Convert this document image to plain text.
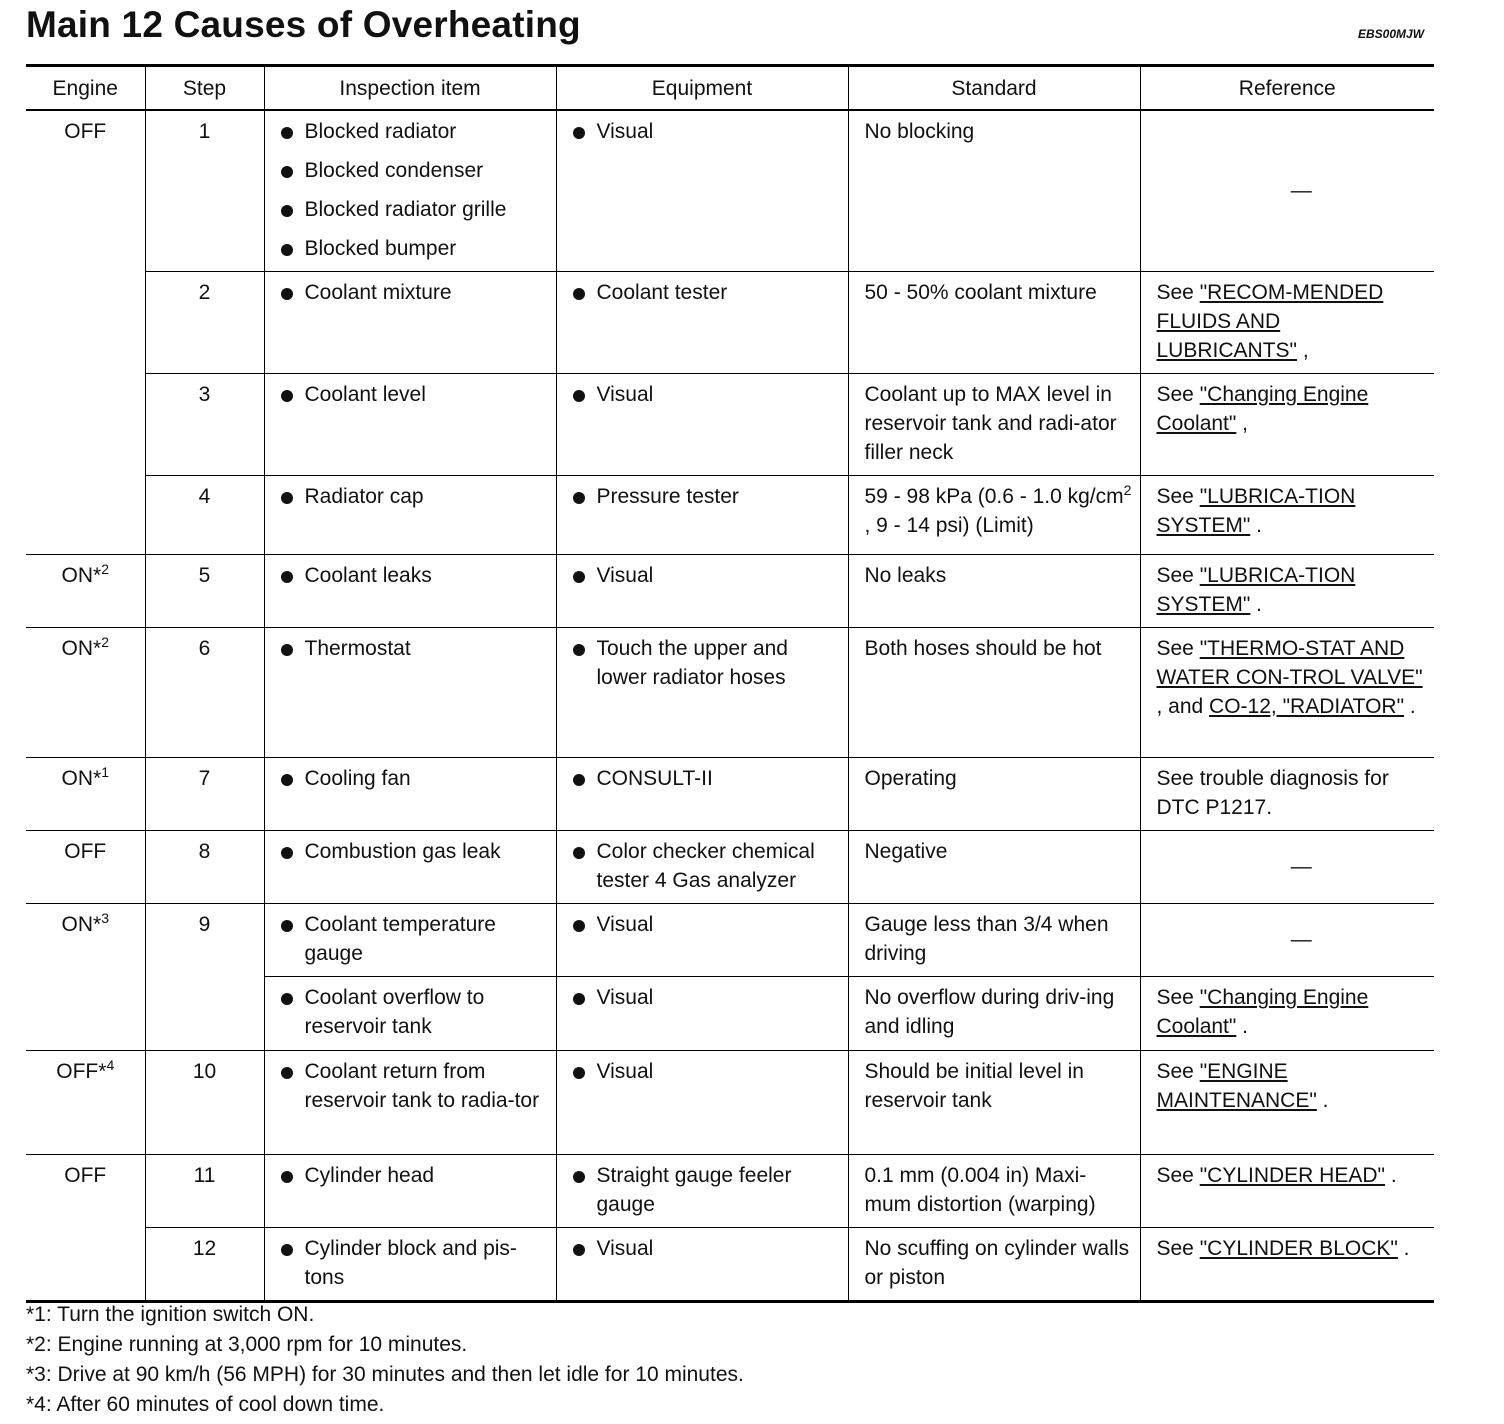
Main 12 Causes of Overheating	EBS00MJW
Engine	Step	Inspection item	Equipment	Standard	Reference
OFF	1	Blocked radiator
Blocked condenser
Blocked radiator grille
Blocked bumper	Visual	No blocking	—

	2	Coolant mixture	Coolant tester	50 - 50% coolant mixture	See "RECOM-MENDED FLUIDS AND LUBRICANTS" ,
	3	Coolant level	Visual	Coolant up to MAX level in reservoir tank and radi-ator filler neck	See "Changing Engine Coolant" ,
	4	Radiator cap	Pressure tester	59 - 98 kPa (0.6 - 1.0 $kg/cm^2$ , 9 - 14 psi) (Limit)	See "LUBRICA-TION SYSTEM" .
ON*$^2$	5	Coolant leaks	Visual	No leaks	See "LUBRICA-TION SYSTEM" .
ON*$^2$	6	Thermostat	Touch the upper and lower radiator hoses	Both hoses should be hot	See "THERMO-STAT AND WATER CON-TROL VALVE" , and CO-12, "RADIATOR" .
ON*$^1$	7	Cooling fan	CONSULT-II	Operating	See trouble diagnosis for DTC P1217.
OFF	8	Combustion gas leak	Color checker chemical tester 4 Gas analyzer	Negative	—

ON*$^3$	9	Coolant temperature gauge	Visual	Gauge less than 3/4 when driving	—

		Coolant overflow to reservoir tank	Visual	No overflow during driv-ing and idling	See "Changing Engine Coolant" .
OFF*$^4$	10	Coolant return from reservoir tank to radia-tor	Visual	Should be initial level in reservoir tank	See "ENGINE MAINTENANCE" .
OFF	11	Cylinder head	Straight gauge feeler gauge	0.1 mm (0.004 in) Maxi-mum distortion (warping)	See "CYLINDER HEAD" .
	12	Cylinder block and pis-tons	Visual	No scuffing on cylinder walls or piston	See "CYLINDER BLOCK" .
*1: Turn the ignition switch ON.
*2: Engine running at 3,000 rpm for 10 minutes.
*3: Drive at 90 km/h (56 MPH) for 30 minutes and then let idle for 10 minutes.
*4: After 60 minutes of cool down time.
